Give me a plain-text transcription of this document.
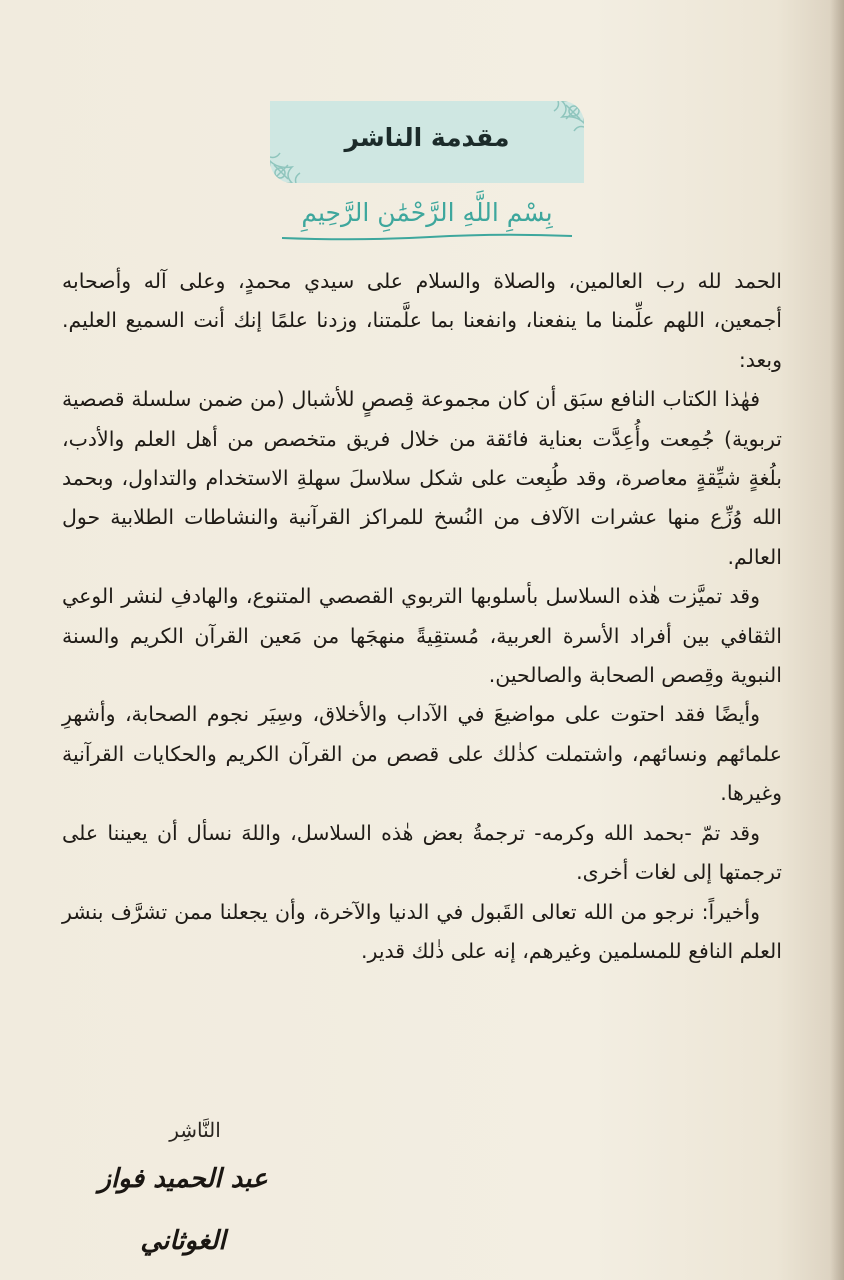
مقدمة الناشر
بِسْمِ اللَّهِ الرَّحْمَٰنِ الرَّحِيمِ

الحمد لله رب العالمين، والصلاة والسلام على سيدي محمدٍ، وعلى آله وأصحابه أجمعين، اللهم علِّمنا ما ينفعنا، وانفعنا بما علَّمتنا، وزدنا علمًا إنك أنت السميع العليم. وبعد:

فهٰذا الكتاب النافع سبَق أن كان مجموعة قِصصٍ للأشبال (من ضمن سلسلة قصصية تربوية) جُمِعت وأُعِدَّت بعناية فائقة من خلال فريق متخصص من أهل العلم والأدب، بلُغةٍ شيِّقةٍ معاصرة، وقد طُبِعت على شكل سلاسلَ سهلةِ الاستخدام والتداول، وبحمد الله وُزِّع منها عشرات الآلاف من النُسخ للمراكز القرآنية والنشاطات الطلابية حول العالم.

وقد تميَّزت هٰذه السلاسل بأسلوبها التربوي القصصي المتنوع، والهادفِ لنشر الوعي الثقافي بين أفراد الأسرة العربية، مُستقِيةً منهجَها من مَعين القرآن الكريم والسنة النبوية وقِصص الصحابة والصالحين.

وأيضًا فقد احتوت على مواضيعَ في الآداب والأخلاق، وسِيَر نجوم الصحابة، وأشهرِ علمائهم ونسائهم، واشتملت كذٰلك على قصص من القرآن الكريم والحكايات القرآنية وغيرها.

وقد تمّ -بحمد الله وكرمه- ترجمةُ بعض هٰذه السلاسل، واللهَ نسأل أن يعيننا على ترجمتها إلى لغات أخرى.

وأخيراً: نرجو من الله تعالى القَبول في الدنيا والآخرة، وأن يجعلنا ممن تشرَّف بنشر العلم النافع للمسلمين وغيرهم، إنه على ذٰلك قدير.

النَّاشِر
عبد الحميد فواز الغوثاني
